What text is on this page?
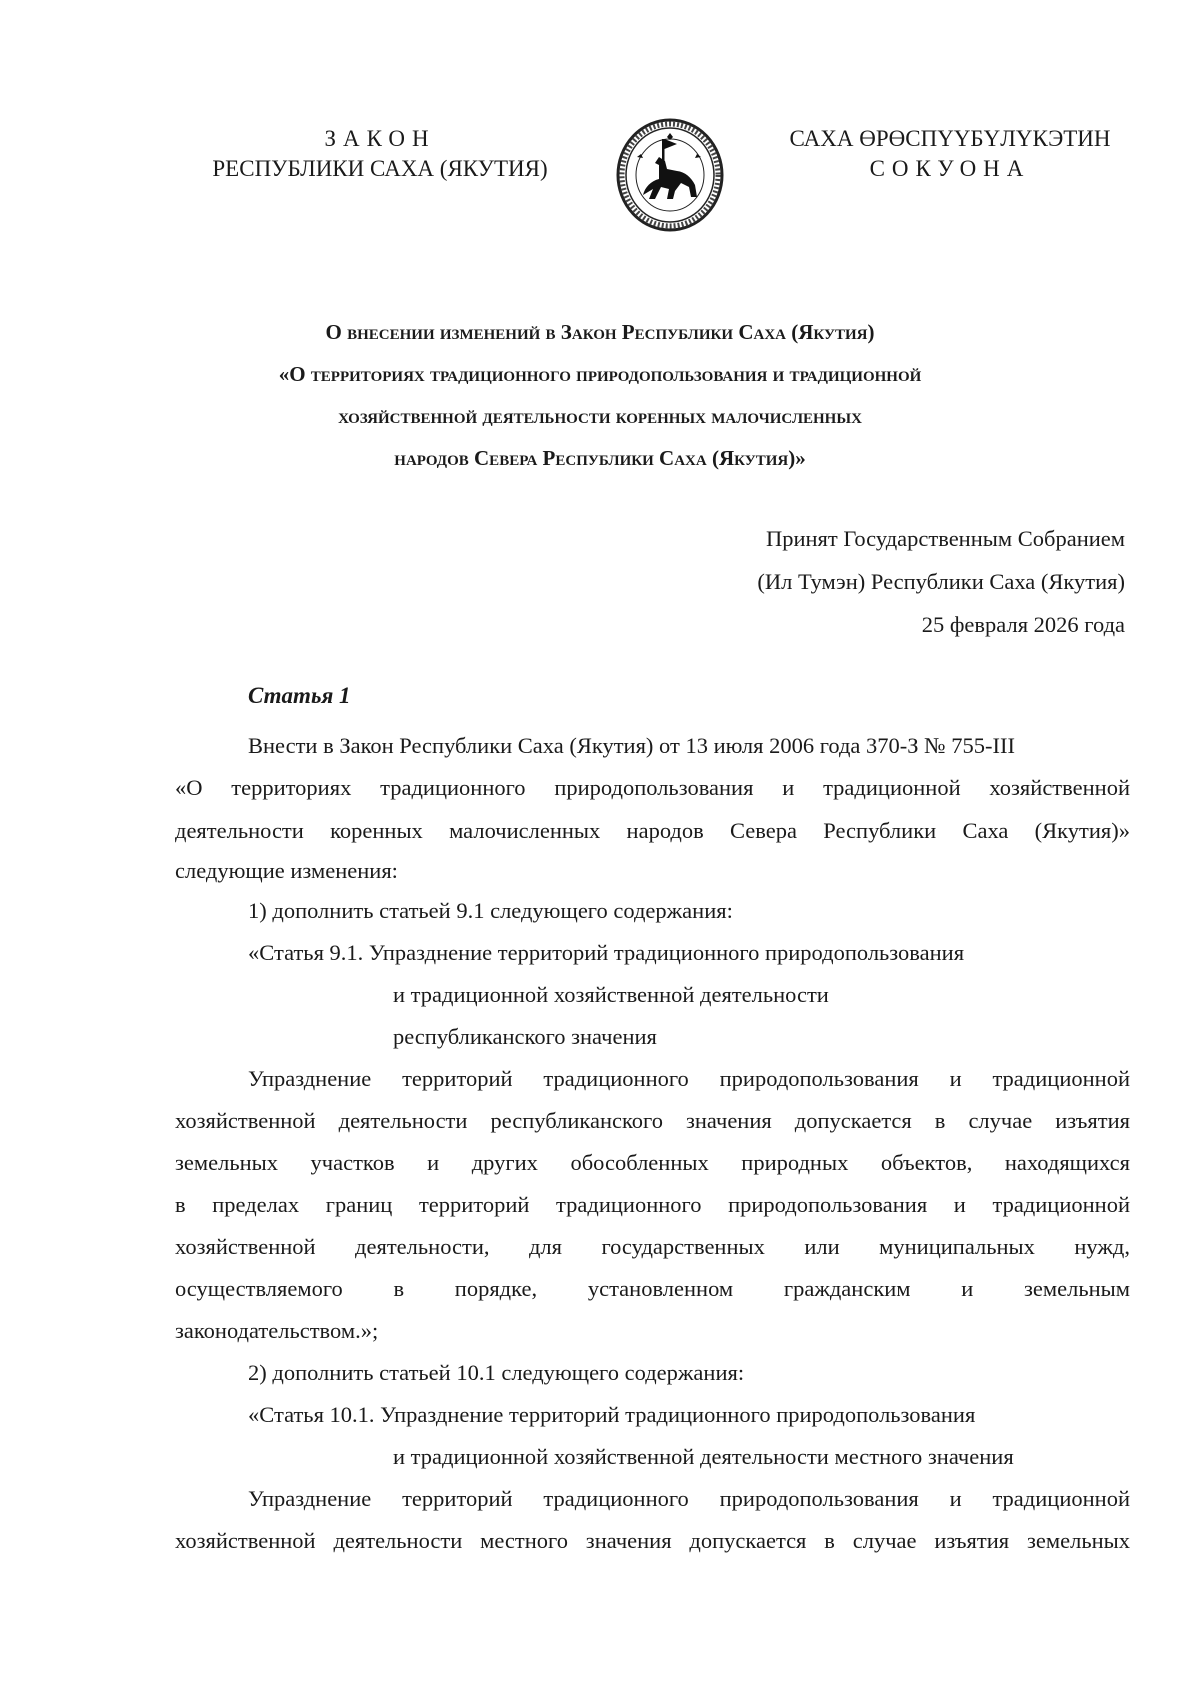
ЗАКОН
РЕСПУБЛИКИ САХА (ЯКУТИЯ)
САХА ӨРӨСПҮҮБҮЛҮКЭТИН
СОКУОНА
О внесении изменений в Закон Республики Саха (Якутия)
«О территориях традиционного природопользования и традиционной
хозяйственной деятельности коренных малочисленных
народов Севера Республики Саха (Якутия)»
Принят Государственным Собранием
(Ил Тумэн) Республики Саха (Якутия)
25 февраля 2026 года
Статья 1
Внести в Закон Республики Саха (Якутия) от 13 июля 2006 года 370-З № 755-III
«О территориях традиционного природопользования и традиционной хозяйственной
деятельности коренных малочисленных народов Севера Республики Саха (Якутия)»
следующие изменения:
1) дополнить статьей 9.1 следующего содержания:
«Статья 9.1. Упразднение территорий традиционного природопользования
и традиционной хозяйственной деятельности
республиканского значения
Упразднение территорий традиционного природопользования и традиционной
хозяйственной деятельности республиканского значения допускается в случае изъятия
земельных участков и других обособленных природных объектов, находящихся
в пределах границ территорий традиционного природопользования и традиционной
хозяйственной деятельности, для государственных или муниципальных нужд,
осуществляемого в порядке, установленном гражданским и земельным
законодательством.»;
2) дополнить статьей 10.1 следующего содержания:
«Статья 10.1. Упразднение территорий традиционного природопользования
и традиционной хозяйственной деятельности местного значения
Упразднение территорий традиционного природопользования и традиционной
хозяйственной деятельности местного значения допускается в случае изъятия земельных
